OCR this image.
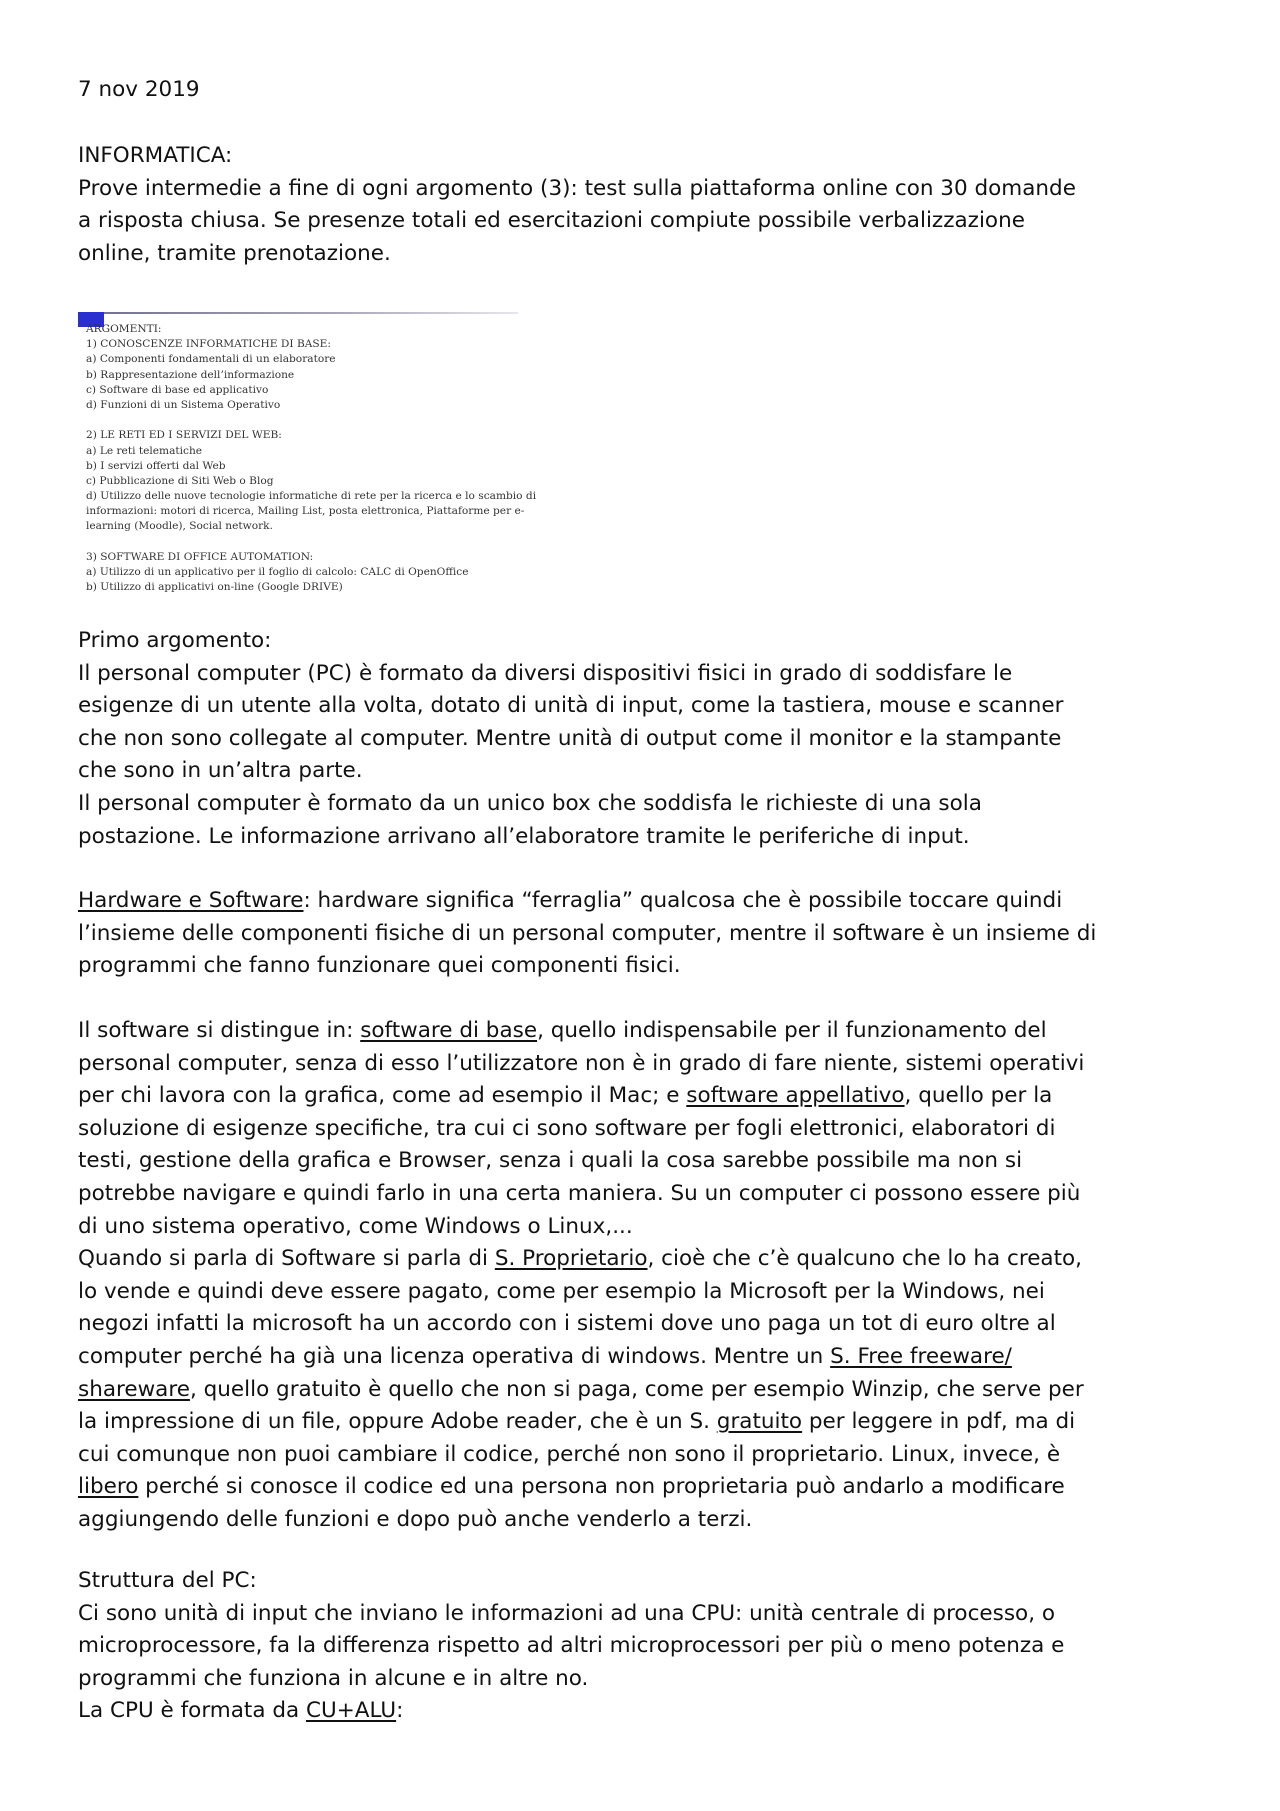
7 nov 2019

INFORMATICA:

Prove intermedie a fine di ogni argomento (3): test sulla piattaforma online con 30 domande

a risposta chiusa. Se presenze totali ed esercitazioni compiute possibile verbalizzazione

online, tramite prenotazione.

ARGOMENTI:
1) CONOSCENZE INFORMATICHE DI BASE:
a) Componenti fondamentali di un elaboratore
b) Rappresentazione dell’informazione
c) Software di base ed applicativo
d) Funzioni di un Sistema Operativo
2) LE RETI ED I SERVIZI DEL WEB:
a) Le reti telematiche
b) I servizi offerti dal Web
c) Pubblicazione di Siti Web o Blog
d) Utilizzo delle nuove tecnologie informatiche di rete per la ricerca e lo scambio di
informazioni: motori di ricerca, Mailing List, posta elettronica, Piattaforme per e-
learning (Moodle), Social network.
3) SOFTWARE DI OFFICE AUTOMATION:
a) Utilizzo di un applicativo per il foglio di calcolo: CALC di OpenOffice
b) Utilizzo di applicativi on-line (Google DRIVE)

Primo argomento:

Il personal computer (PC) è formato da diversi dispositivi fisici in grado di soddisfare le

esigenze di un utente alla volta, dotato di unità di input, come la tastiera, mouse e scanner

che non sono collegate al computer. Mentre unità di output come il monitor e la stampante

che sono in un’altra parte.

Il personal computer è formato da un unico box che soddisfa le richieste di una sola

postazione. Le informazione arrivano all’elaboratore tramite le periferiche di input.

Hardware e Software: hardware significa “ferraglia” qualcosa che è possibile toccare quindi

l’insieme delle componenti fisiche di un personal computer, mentre il software è un insieme di

programmi che fanno funzionare quei componenti fisici.

Il software si distingue in: software di base, quello indispensabile per il funzionamento del

personal computer, senza di esso l’utilizzatore non è in grado di fare niente, sistemi operativi

per chi lavora con la grafica, come ad esempio il Mac; e software appellativo, quello per la

soluzione di esigenze specifiche, tra cui ci sono software per fogli elettronici, elaboratori di

testi, gestione della grafica e Browser, senza i quali la cosa sarebbe possibile ma non si

potrebbe navigare e quindi farlo in una certa maniera. Su un computer ci possono essere più

di uno sistema operativo, come Windows o Linux,...

Quando si parla di Software si parla di S. Proprietario, cioè che c’è qualcuno che lo ha creato,

lo vende e quindi deve essere pagato, come per esempio la Microsoft per la Windows, nei

negozi infatti la microsoft ha un accordo con i sistemi dove uno paga un tot di euro oltre al

computer perché ha già una licenza operativa di windows. Mentre un S. Free freeware/

shareware, quello gratuito è quello che non si paga, come per esempio Winzip, che serve per

la impressione di un file, oppure Adobe reader, che è un S. gratuito per leggere in pdf, ma di

cui comunque non puoi cambiare il codice, perché non sono il proprietario. Linux, invece, è

libero perché si conosce il codice ed una persona non proprietaria può andarlo a modificare

aggiungendo delle funzioni e dopo può anche venderlo a terzi.

Struttura del PC:

Ci sono unità di input che inviano le informazioni ad una CPU: unità centrale di processo, o

microprocessore, fa la differenza rispetto ad altri microprocessori per più o meno potenza e

programmi che funziona in alcune e in altre no.

La CPU è formata da CU+ALU:
